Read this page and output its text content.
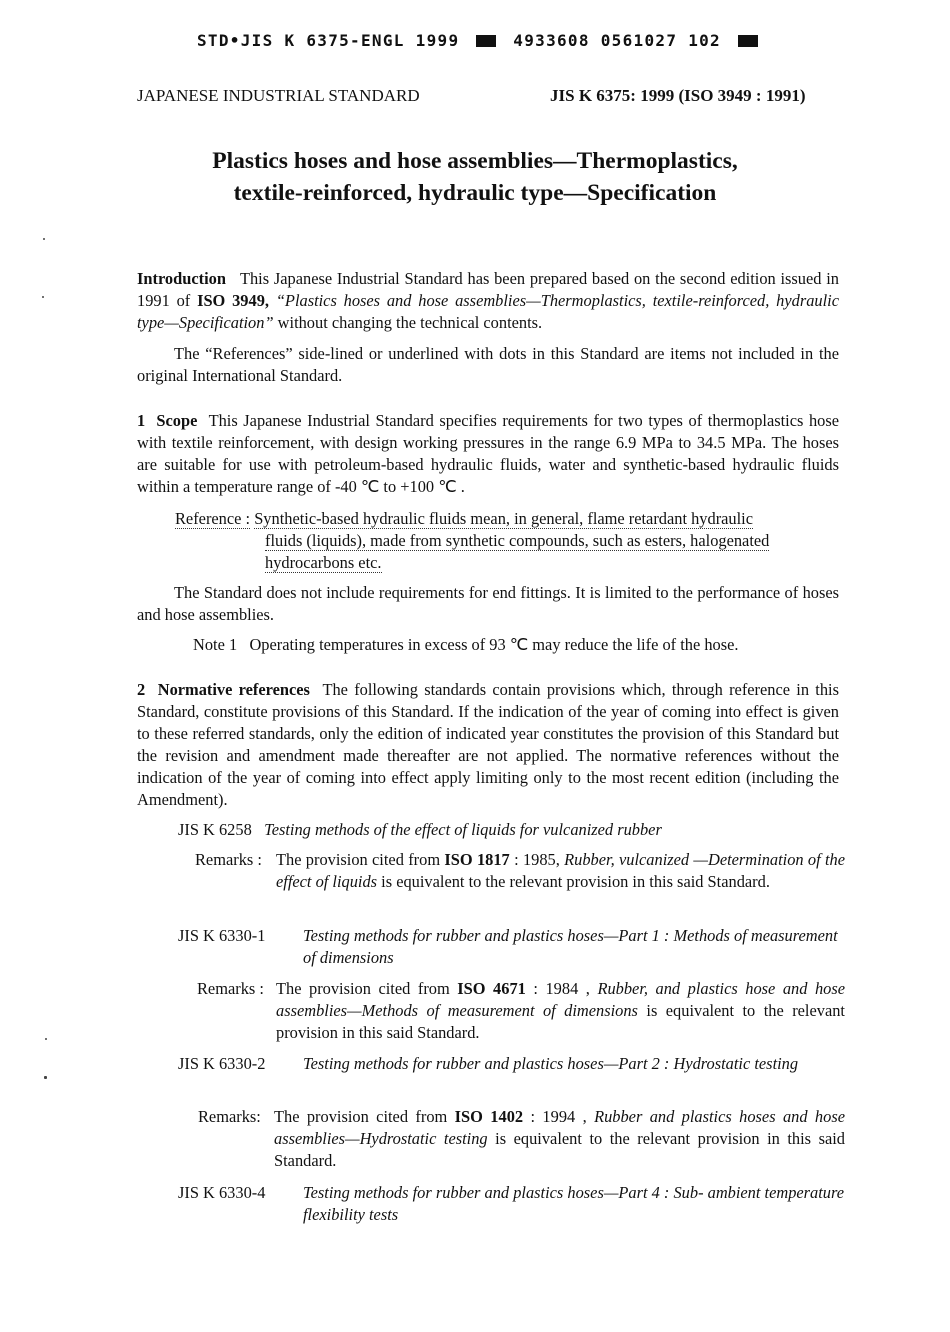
STD•JIS K 6375-ENGL 1999	4933608 0561027 102
JAPANESE INDUSTRIAL STANDARD	JIS K 6375: 1999 (ISO 3949 : 1991)
Plastics hoses and hose assemblies—Thermoplastics,
textile-reinforced, hydraulic type—Specification
Introduction This Japanese Industrial Standard has been prepared based on the second edition issued in 1991 of ISO 3949, “Plastics hoses and hose assemblies—Thermoplastics, textile-reinforced, hydraulic type—Specification” without changing the technical contents.
The “References” side-lined or underlined with dots in this Standard are items not included in the original International Standard.
1 Scope This Japanese Industrial Standard specifies requirements for two types of thermoplastics hose with textile reinforcement, with design working pressures in the range 6.9 MPa to 34.5 MPa. The hoses are suitable for use with petroleum-based hydraulic fluids, water and synthetic-based hydraulic fluids within a temperature range of -40 ℃ to +100 ℃ .
Reference : Synthetic-based hydraulic fluids mean, in general, flame retardant hydraulic
fluids (liquids), made from synthetic compounds, such as esters, halogenated
hydrocarbons etc.
The Standard does not include requirements for end fittings. It is limited to the performance of hoses and hose assemblies.
Note 1 Operating temperatures in excess of 93 ℃ may reduce the life of the hose.
2 Normative references The following standards contain provisions which, through reference in this Standard, constitute provisions of this Standard. If the indication of the year of coming into effect is given to these referred standards, only the edition of indicated year constitutes the provision of this Standard but the revision and amendment made thereafter are not applied. The normative references without the indication of the year of coming into effect apply limiting only to the most recent edition (including the Amendment).
JIS K 6258 Testing methods of the effect of liquids for vulcanized rubber
Remarks : The provision cited from ISO 1817 : 1985, Rubber, vulcanized —Determination of the effect of liquids is equivalent to the relevant provision in this said Standard.
JIS K 6330-1 Testing methods for rubber and plastics hoses—Part 1 : Methods of measurement of dimensions
Remarks : The provision cited from ISO 4671 : 1984 , Rubber, and plastics hose and hose assemblies—Methods of measurement of dimensions is equivalent to the relevant provision in this said Standard.
JIS K 6330-2 Testing methods for rubber and plastics hoses—Part 2 : Hydrostatic testing
Remarks: The provision cited from ISO 1402 : 1994 , Rubber and plastics hoses and hose assemblies—Hydrostatic testing is equivalent to the relevant provision in this said Standard.
JIS K 6330-4 Testing methods for rubber and plastics hoses—Part 4 : Sub- ambient temperature flexibility tests
